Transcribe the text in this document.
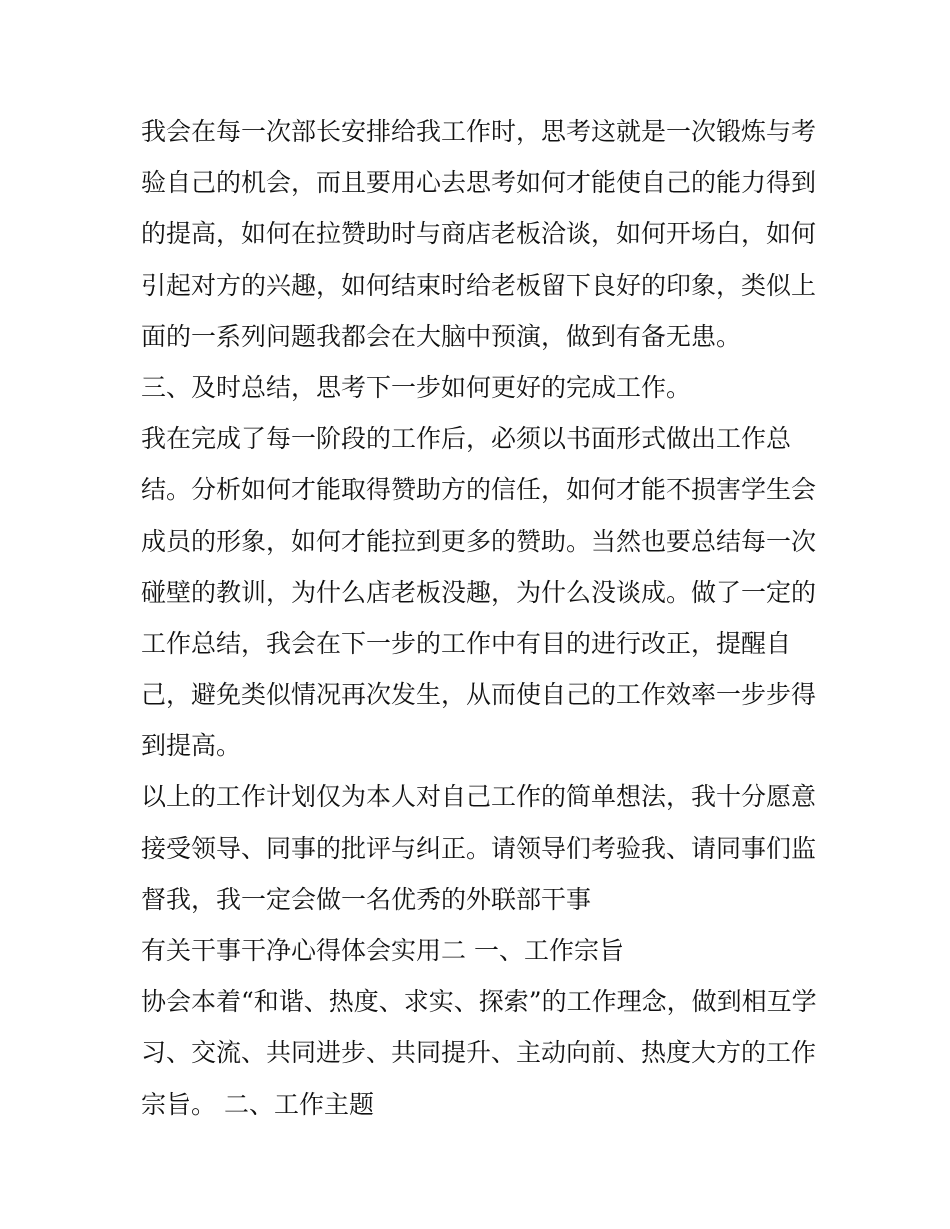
我会在每一次部长安排给我工作时，思考这就是一次锻炼与考
验自己的机会，而且要用心去思考如何才能使自己的能力得到
的提高，如何在拉赞助时与商店老板洽谈，如何开场白，如何
引起对方的兴趣，如何结束时给老板留下良好的印象，类似上
面的一系列问题我都会在大脑中预演，做到有备无患。
三、及时总结，思考下一步如何更好的完成工作。
我在完成了每一阶段的工作后，必须以书面形式做出工作总
结。分析如何才能取得赞助方的信任，如何才能不损害学生会
成员的形象，如何才能拉到更多的赞助。当然也要总结每一次
碰壁的教训，为什么店老板没趣，为什么没谈成。做了一定的
工作总结，我会在下一步的工作中有目的进行改正，提醒自
己，避免类似情况再次发生，从而使自己的工作效率一步步得
到提高。
以上的工作计划仅为本人对自己工作的简单想法，我十分愿意
接受领导、同事的批评与纠正。请领导们考验我、请同事们监
督我，我一定会做一名优秀的外联部干事
有关干事干净心得体会实用二 一、工作宗旨
协会本着“和谐、热度、求实、探索”的工作理念，做到相互学
习、交流、共同进步、共同提升、主动向前、热度大方的工作
宗旨。 二、工作主题
